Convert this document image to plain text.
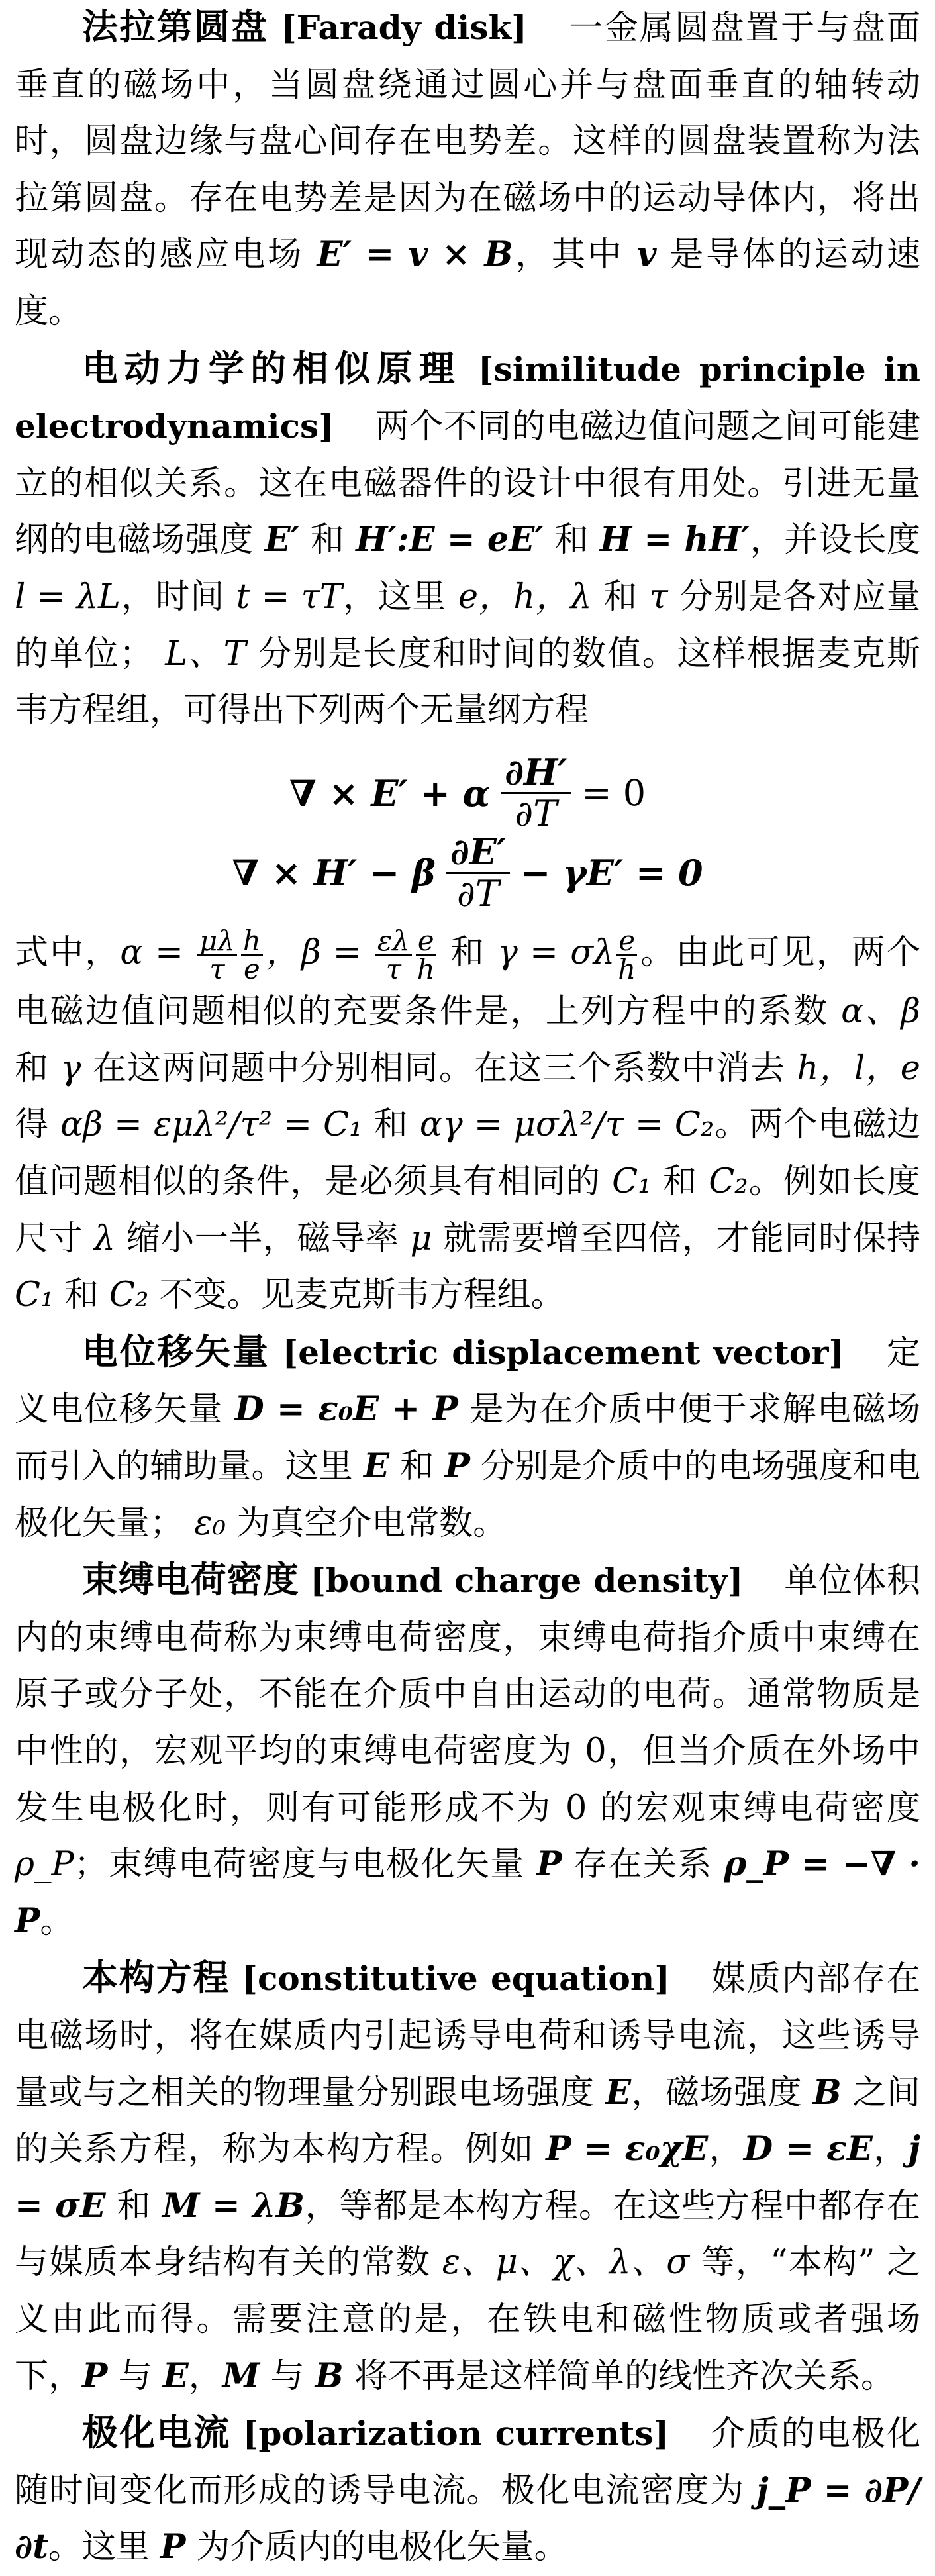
法拉第圆盘 [Farady disk] 一金属圆盘置于与盘面垂直的磁场中，当圆盘绕通过圆心并与盘面垂直的轴转动时，圆盘边缘与盘心间存在电势差。这样的圆盘装置称为法拉第圆盘。存在电势差是因为在磁场中的运动导体内，将出现动态的感应电场 E′ = v × B，其中 v 是导体的运动速度。

电动力学的相似原理 [similitude principle in electrodynamics] 两个不同的电磁边值问题之间可能建立的相似关系。这在电磁器件的设计中很有用处。引进无量纲的电磁场强度 E′ 和 H′:E = eE′ 和 H = hH′，并设长度 l = λL，时间 t = τT，这里 e，h，λ 和 τ 分别是各对应量的单位； L、T 分别是长度和时间的数值。这样根据麦克斯韦方程组，可得出下列两个无量纲方程

∇ × E′ + α $\frac{\partial H'}{\partial T} = 0$
∇ × H′ − β $\frac{\partial E'}{\partial T} - \gamma E' = 0$

式中，$\alpha = \frac{\mu\lambda}{\tau} \frac{h}{e}$ ，$\beta = \frac{\varepsilon\lambda}{\tau} \frac{e}{h}$ 和 γ = σλ $\frac{e}{h}$ 。由此可见，两个电磁边值问题相似的充要条件是，上列方程中的系数 α、β 和 γ 在这两问题中分别相同。在这三个系数中消去 h，l，e 得 αβ = εμλ²/τ² = C₁ 和 αγ = μσλ²/τ = C₂。两个电磁边值问题相似的条件，是必须具有相同的 C₁ 和 C₂。例如长度尺寸 λ 缩小一半，磁导率 μ 就需要增至四倍，才能同时保持 C₁ 和 C₂ 不变。见麦克斯韦方程组。

电位移矢量 [electric displacement vector] 定义电位移矢量 D = ε₀E + P 是为在介质中便于求解电磁场而引入的辅助量。这里 E 和 P 分别是介质中的电场强度和电极化矢量； ε₀ 为真空介电常数。

束缚电荷密度 [bound charge density] 单位体积内的束缚电荷称为束缚电荷密度，束缚电荷指介质中束缚在原子或分子处，不能在介质中自由运动的电荷。通常物质是中性的，宏观平均的束缚电荷密度为 0，但当介质在外场中发生电极化时，则有可能形成不为 0 的宏观束缚电荷密度 ρ_P；束缚电荷密度与电极化矢量 P 存在关系 ρ_P = −∇ · P。

本构方程 [constitutive equation] 媒质内部存在电磁场时，将在媒质内引起诱导电荷和诱导电流，这些诱导量或与之相关的物理量分别跟电场强度 E，磁场强度 B 之间的关系方程，称为本构方程。例如 P = ε₀χE，D = εE，j = σE 和 M = λB，等都是本构方程。在这些方程中都存在与媒质本身结构有关的常数 ε、μ、χ、λ、σ 等，“本构” 之义由此而得。需要注意的是，在铁电和磁性物质或者强场下，P 与 E，M 与 B 将不再是这样简单的线性齐次关系。

极化电流 [polarization currents] 介质的电极化随时间变化而形成的诱导电流。极化电流密度为 j_P = ∂P/∂t。这里 P 为介质内的电极化矢量。
